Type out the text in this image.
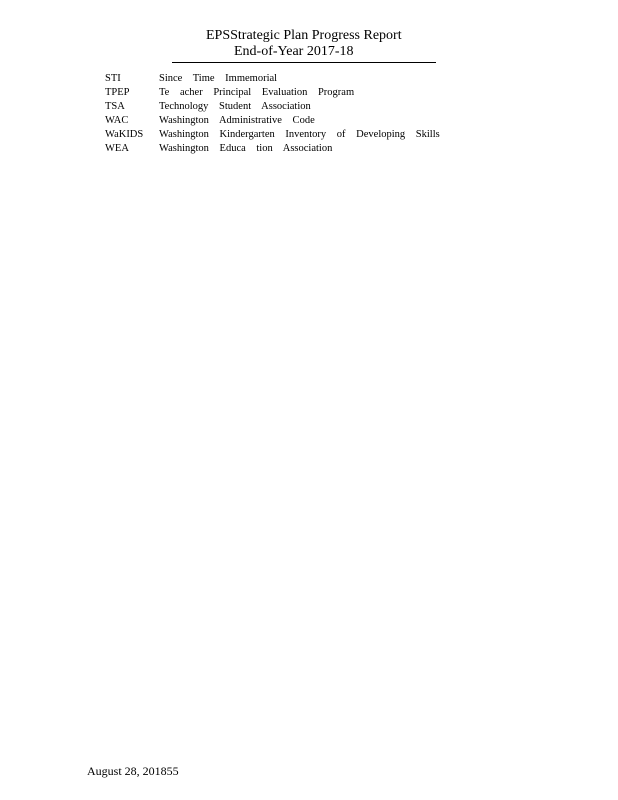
EPSStrategic Plan Progress Report
End-of-Year 2017-18
STI	Since Time Immemorial
TPEP	Te acher Principal Evaluation Program
TSA	Technology Student Association
WAC	Washington Administrative Code
WaKIDS	Washington Kindergarten Inventory of Developing Skills
WEA	Washington Educa tion Association
August 28, 201855
